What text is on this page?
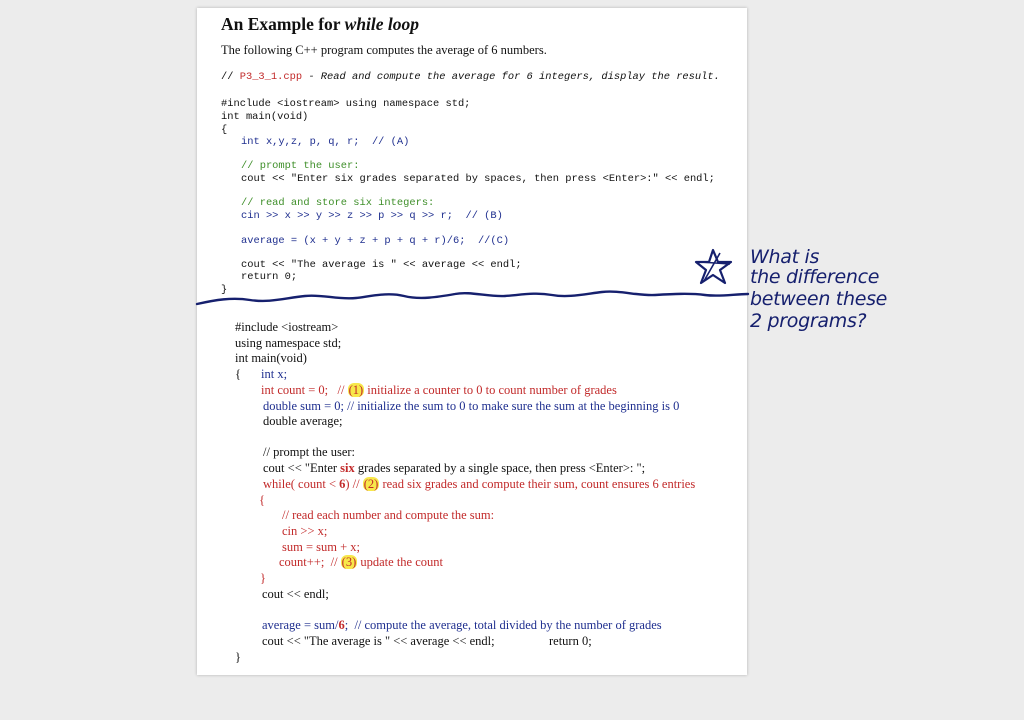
An Example for while loop
The following C++ program computes the average of 6 numbers.
// P3_3_1.cpp - Read and compute the average for 6 integers, display the result.
#include <iostream> using namespace std;
int main(void)
{
int x,y,z, p, q, r;  // (A)
// prompt the user:
cout << "Enter six grades separated by spaces, then press <Enter>:" << endl;
// read and store six integers:
cin >> x >> y >> z >> p >> q >> r;  // (B)
average = (x + y + z + p + q + r)/6;  //(C)
cout << "The average is " << average << endl;
return 0;
}
#include <iostream>
using namespace std;
int main(void)
{ int x;
int count = 0;   // (1) initialize a counter to 0 to count number of grades
double sum = 0; // initialize the sum to 0 to make sure the sum at the beginning is 0
double average;
// prompt the user:
cout << "Enter six grades separated by a single space, then press <Enter>: ";
while( count < 6) // (2) read six grades and compute their sum, count ensures 6 entries
{
// read each number and compute the sum:
cin >> x;
sum = sum + x;
count++;  // (3) update the count
}
cout << endl;
average = sum/6;  // compute the average, total divided by the number of grades
cout << "The average is " << average << endl;	return 0;
}
What is
the difference
between these
2 programs?
